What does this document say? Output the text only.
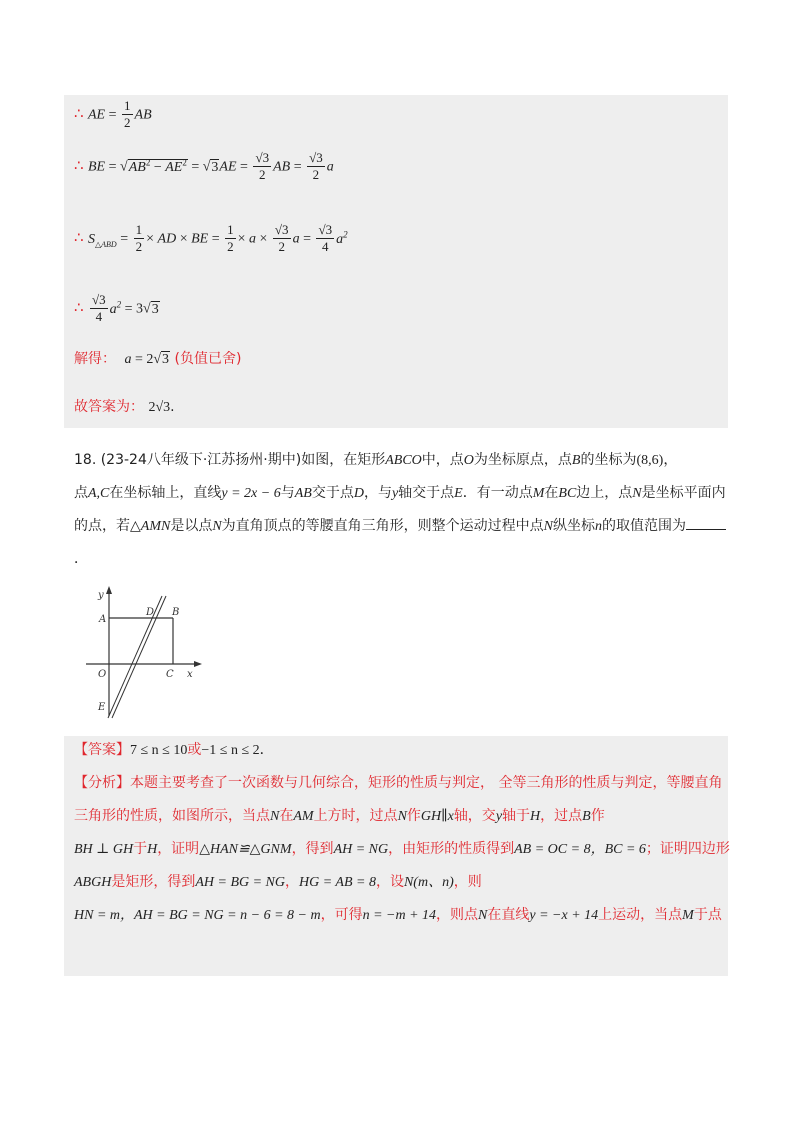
∴ AE = $\frac{1}{2}$ AB
∴ BE = $√AB^2 - AE^2 = √3AE = \frac{√3}{2}$ AB = $\frac{√3}{2}$ a
∴ $S_{\triangle ABD} = \frac{1}{2}$ × AD × BE = $\frac{1}{2} \times a \times \frac{√3}{2}$ $a = \frac{√3}{4} a^2$
∴ $\frac{√3}{4} a^2 = 3√3$
解得： a = 2√3 (负值已舍)
故答案为： 2√3.
18. (23-24八年级下·江苏扬州·期中)如图，在矩形ABCO中，点O为坐标原点，点B的坐标为(8,6)，
点A,C在坐标轴上，直线y = 2x − 6与AB交于点D，与y轴交于点E．有一动点M在BC边上，点N是坐标平面内的点，若△AMN是以点N为直角顶点的等腰直角三角形，则整个运动过程中点N纵坐标n的取值范围为．
y
x
A
B
C
D
E
O
【答案】7 ≤ n ≤ 10或−1 ≤ n ≤ 2．
【分析】本题主要考查了一次函数与几何综合，矩形的性质与判定， 全等三角形的性质与判定，等腰直角三角形的性质，如图所示，当点N在AM上方时，过点N作GH∥x轴，交y轴于H，过点B作
BH ⊥ GH于H，证明△HAN≌△GNM，得到AH = NG，由矩形的性质得到AB = OC = 8，BC = 6；证明四边形ABGH是矩形，得到AH = BG = NG，HG = AB = 8，设N(m、n)，则
HN = m，AH = BG = NG = n − 6 = 8 − m，可得n = −m + 14，则点N在直线y = −x + 14上运动，当点M于点
